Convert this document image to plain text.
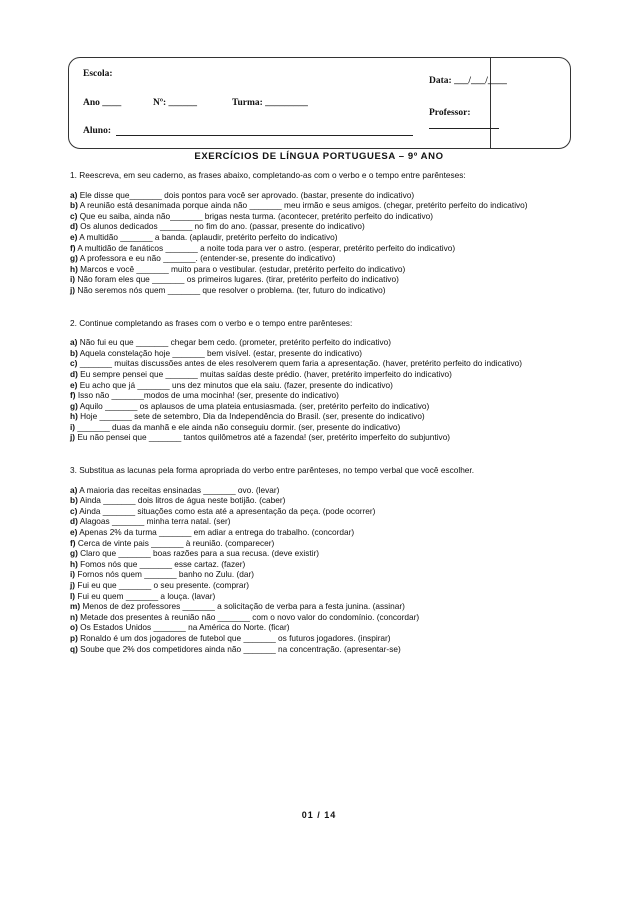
Escola:
Ano ____	Nº: ______	Turma: _________
Aluno:
Data: ___/___/____
Professor:
EXERCÍCIOS DE LÍNGUA PORTUGUESA – 9º ANO

1. Reescreva, em seu caderno, as frases abaixo, completando-as com o verbo e o tempo entre parênteses:

a) Ele disse que_______ dois pontos para você ser aprovado. (bastar, presente do indicativo)

b) A reunião está desanimada porque ainda não _______ meu irmão e seus amigos. (chegar, pretérito perfeito do indicativo)

c) Que eu saiba, ainda não_______ brigas nesta turma. (acontecer, pretérito perfeito do indicativo)

d) Os alunos dedicados _______ no fim do ano. (passar, presente do indicativo)

e) A multidão _______ a banda. (aplaudir, pretérito perfeito do indicativo)

f) A multidão de fanáticos _______ a noite toda para ver o astro. (esperar, pretérito perfeito do indicativo)

g) A professora e eu não _______. (entender-se, presente do indicativo)

h) Marcos e você _______ muito para o vestibular. (estudar, pretérito perfeito do indicativo)

i) Não foram eles que _______ os primeiros lugares. (tirar, pretérito perfeito do indicativo)

j) Não seremos nós quem _______ que resolver o problema. (ter, futuro do indicativo)

2. Continue completando as frases com o verbo e o tempo entre parênteses:

a) Não fui eu que _______ chegar bem cedo. (prometer, pretérito perfeito do indicativo)

b) Aquela constelação hoje _______ bem visível. (estar, presente do indicativo)

c) _______ muitas discussões antes de eles resolverem quem faria a apresentação. (haver, pretérito perfeito do indicativo)

d) Eu sempre pensei que _______ muitas saídas deste prédio. (haver, pretérito imperfeito do indicativo)

e) Eu acho que já _______ uns dez minutos que ela saiu. (fazer, presente do indicativo)

f) Isso não _______modos de uma mocinha! (ser, presente do indicativo)

g) Aquilo _______ os aplausos de uma plateia entusiasmada. (ser, pretérito perfeito do indicativo)

h) Hoje _______ sete de setembro, Dia da Independência do Brasil. (ser, presente do indicativo)

i) _______ duas da manhã e ele ainda não conseguiu dormir. (ser, presente do indicativo)

j) Eu não pensei que _______ tantos quilômetros até a fazenda! (ser, pretérito imperfeito do subjuntivo)

3. Substitua as lacunas pela forma apropriada do verbo entre parênteses, no tempo verbal que você escolher.

a) A maioria das receitas ensinadas _______ ovo. (levar)

b) Ainda _______ dois litros de água neste botijão. (caber)

c) Ainda _______ situações como esta até a apresentação da peça. (pode ocorrer)

d) Alagoas _______ minha terra natal. (ser)

e) Apenas 2% da turma _______ em adiar a entrega do trabalho. (concordar)

f) Cerca de vinte pais _______ à reunião. (comparecer)

g) Claro que _______ boas razões para a sua recusa. (deve existir)

h) Fomos nós que _______ esse cartaz. (fazer)

i) Fornos nós quem _______ banho no Zulu. (dar)

j) Fui eu que _______ o seu presente. (comprar)

l) Fui eu quem _______ a louça. (lavar)

m) Menos de dez professores _______ a solicitação de verba para a festa junina. (assinar)

n) Metade dos presentes à reunião não _______ com o novo valor do condomínio. (concordar)

o) Os Estados Unidos _______ na América do Norte. (ficar)

p) Ronaldo é um dos jogadores de futebol que _______ os futuros jogadores. (inspirar)

q) Soube que 2% dos competidores ainda não _______ na concentração. (apresentar-se)

01 / 14
